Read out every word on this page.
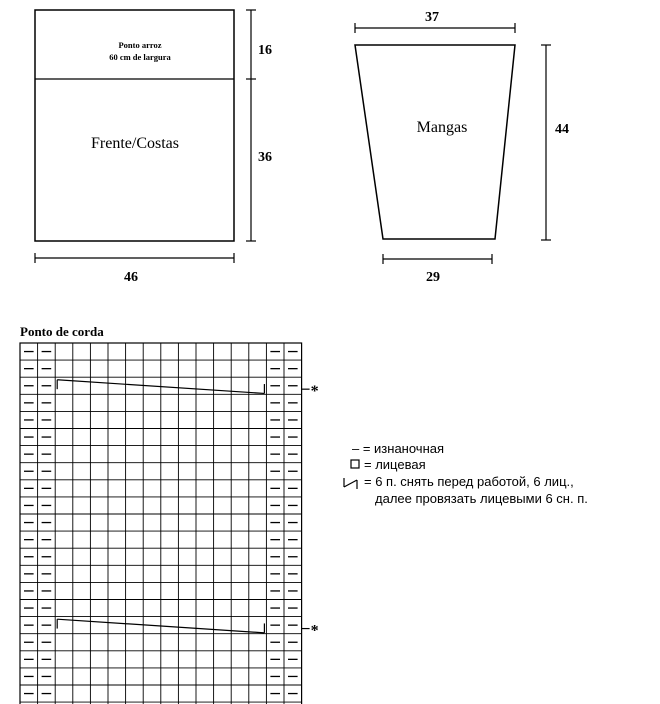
Ponto arroz
60 cm de largura
Frente/Costas
16
36
46
Mangas
37
44
29
Ponto de corda
*
*
– = изнаночная
= лицевая
= 6 п. снять перед работой, 6 лиц.,
далее провязать лицевыми 6 сн. п.
